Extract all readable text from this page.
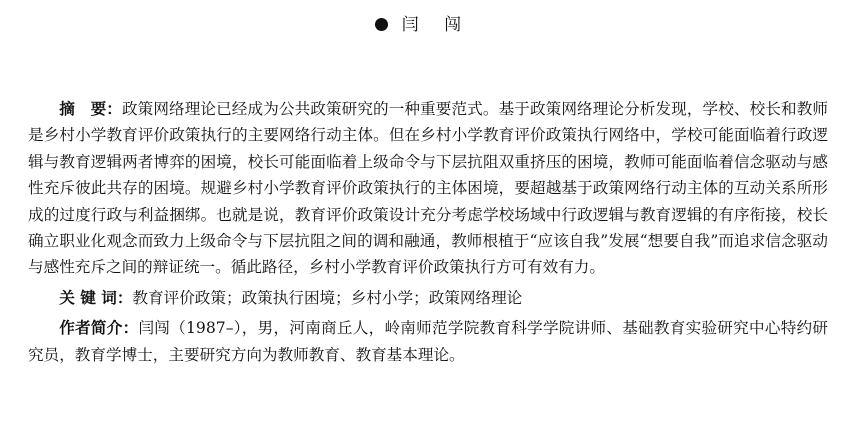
闫 闯

摘　要：政策网络理论已经成为公共政策研究的一种重要范式。基于政策网络理论分析发现，学校、校长和教师是乡村小学教育评价政策执行的主要网络行动主体。但在乡村小学教育评价政策执行网络中，学校可能面临着行政逻辑与教育逻辑两者博弈的困境，校长可能面临着上级命令与下层抗阻双重挤压的困境，教师可能面临着信念驱动与感性充斥彼此共存的困境。规避乡村小学教育评价政策执行的主体困境，要超越基于政策网络行动主体的互动关系所形成的过度行政与利益捆绑。也就是说，教育评价政策设计充分考虑学校场域中行政逻辑与教育逻辑的有序衔接，校长确立职业化观念而致力上级命令与下层抗阻之间的调和融通，教师根植于“应该自我”发展“想要自我”而追求信念驱动与感性充斥之间的辩证统一。循此路径，乡村小学教育评价政策执行方可有效有力。

关 键 词：教育评价政策；政策执行困境；乡村小学；政策网络理论

作者简介：闫闯（1987–），男，河南商丘人，岭南师范学院教育科学学院讲师、基础教育实验研究中心特约研究员，教育学博士，主要研究方向为教师教育、教育基本理论。
